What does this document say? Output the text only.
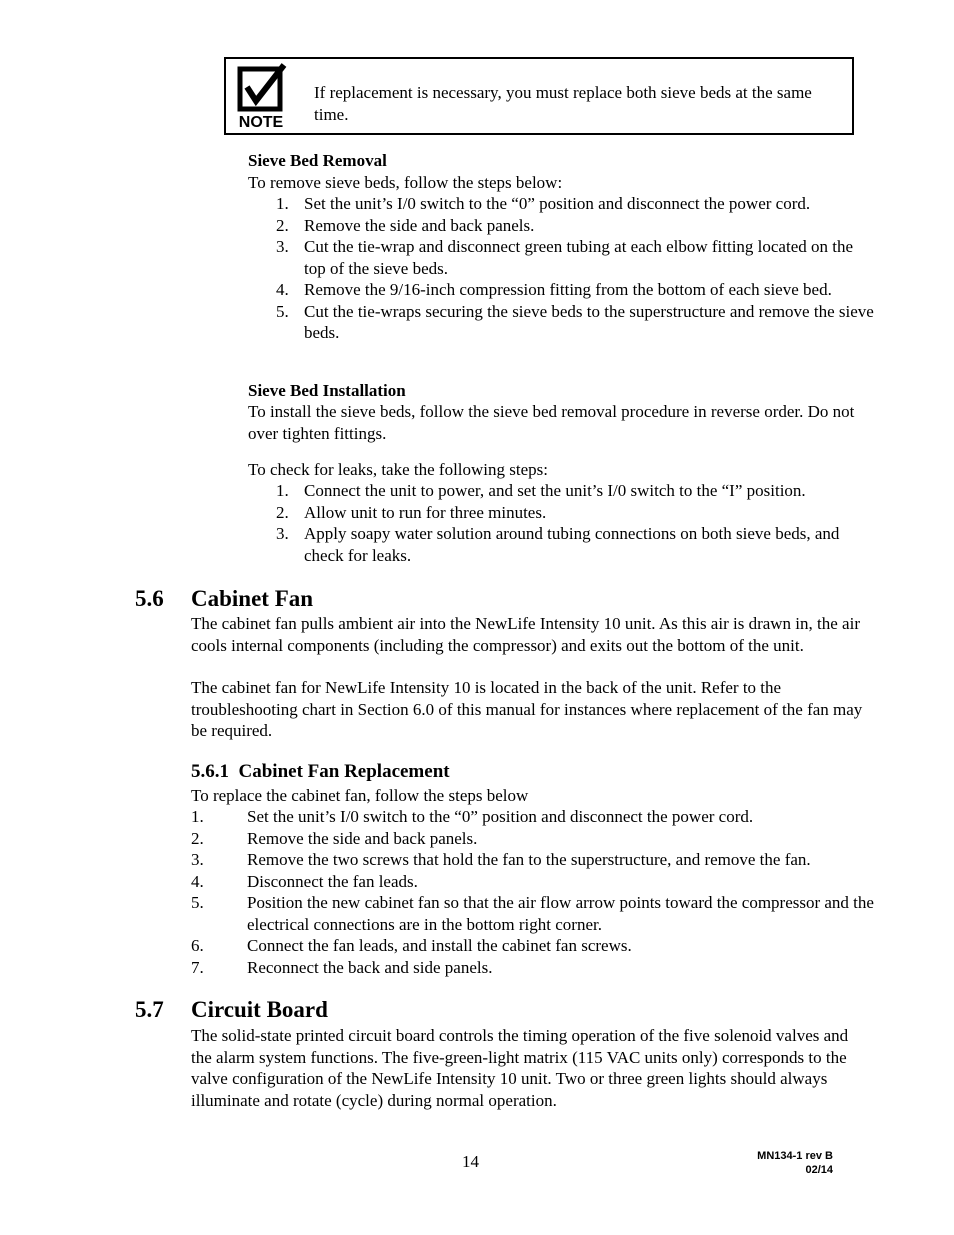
NOTE
If replacement is necessary, you must replace both sieve beds at the same time.
Sieve Bed Removal
To remove sieve beds, follow the steps below:
1. Set the unit’s I/0 switch to the “0” position and disconnect the power cord.
2. Remove the side and back panels.
3. Cut the tie-wrap and disconnect green tubing at each elbow fitting located on the top of the sieve beds.
4. Remove the 9/16-inch compression fitting from the bottom of each sieve bed.
5. Cut the tie-wraps securing the sieve beds to the superstructure and remove the sieve beds.
Sieve Bed Installation
To install the sieve beds, follow the sieve bed removal procedure in reverse order. Do not over tighten fittings.
To check for leaks, take the following steps:
1. Connect the unit to power, and set the unit’s I/0 switch to the “I” position.
2. Allow unit to run for three minutes.
3. Apply soapy water solution around tubing connections on both sieve beds, and check for leaks.
5.6 Cabinet Fan
The cabinet fan pulls ambient air into the NewLife Intensity 10 unit. As this air is drawn in, the air cools internal components (including the compressor) and exits out the bottom of the unit.
The cabinet fan for NewLife Intensity 10 is located in the back of the unit. Refer to the troubleshooting chart in Section 6.0 of this manual for instances where replacement of the fan may be required.
5.6.1 Cabinet Fan Replacement
To replace the cabinet fan, follow the steps below
1.	Set the unit’s I/0 switch to the “0” position and disconnect the power cord.
2.	Remove the side and back panels.
3.	Remove the two screws that hold the fan to the superstructure, and remove the fan.
4.	Disconnect the fan leads.
5.	Position the new cabinet fan so that the air flow arrow points toward the compressor and the electrical connections are in the bottom right corner.
6.	Connect the fan leads, and install the cabinet fan screws.
7.	Reconnect the back and side panels.
5.7 Circuit Board
The solid-state printed circuit board controls the timing operation of the five solenoid valves and the alarm system functions. The five-green-light matrix (115 VAC units only) corresponds to the valve configuration of the NewLife Intensity 10 unit. Two or three green lights should always illuminate and rotate (cycle) during normal operation.
14	MN134-1 rev B
02/14
